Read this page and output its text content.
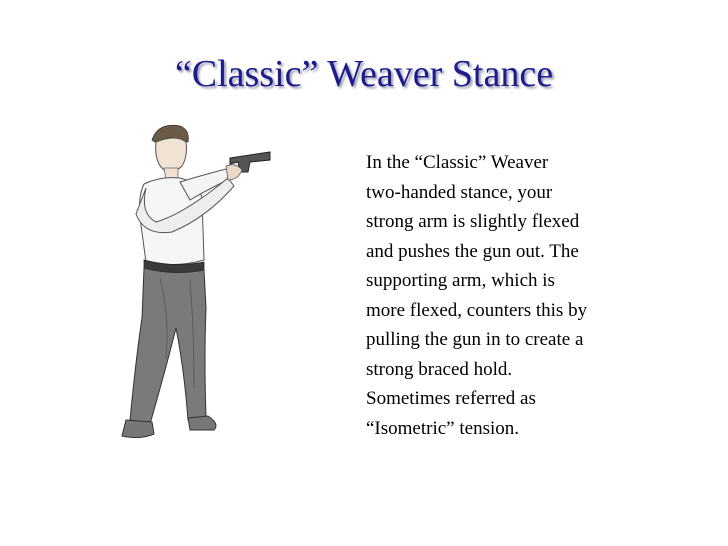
“Classic” Weaver Stance
In the “Classic” Weaver
two-handed stance, your
strong arm is slightly flexed
and pushes the gun out. The
supporting arm, which is
more flexed, counters this by
pulling the gun in to create a
strong braced hold.
Sometimes referred as
“Isometric” tension.
